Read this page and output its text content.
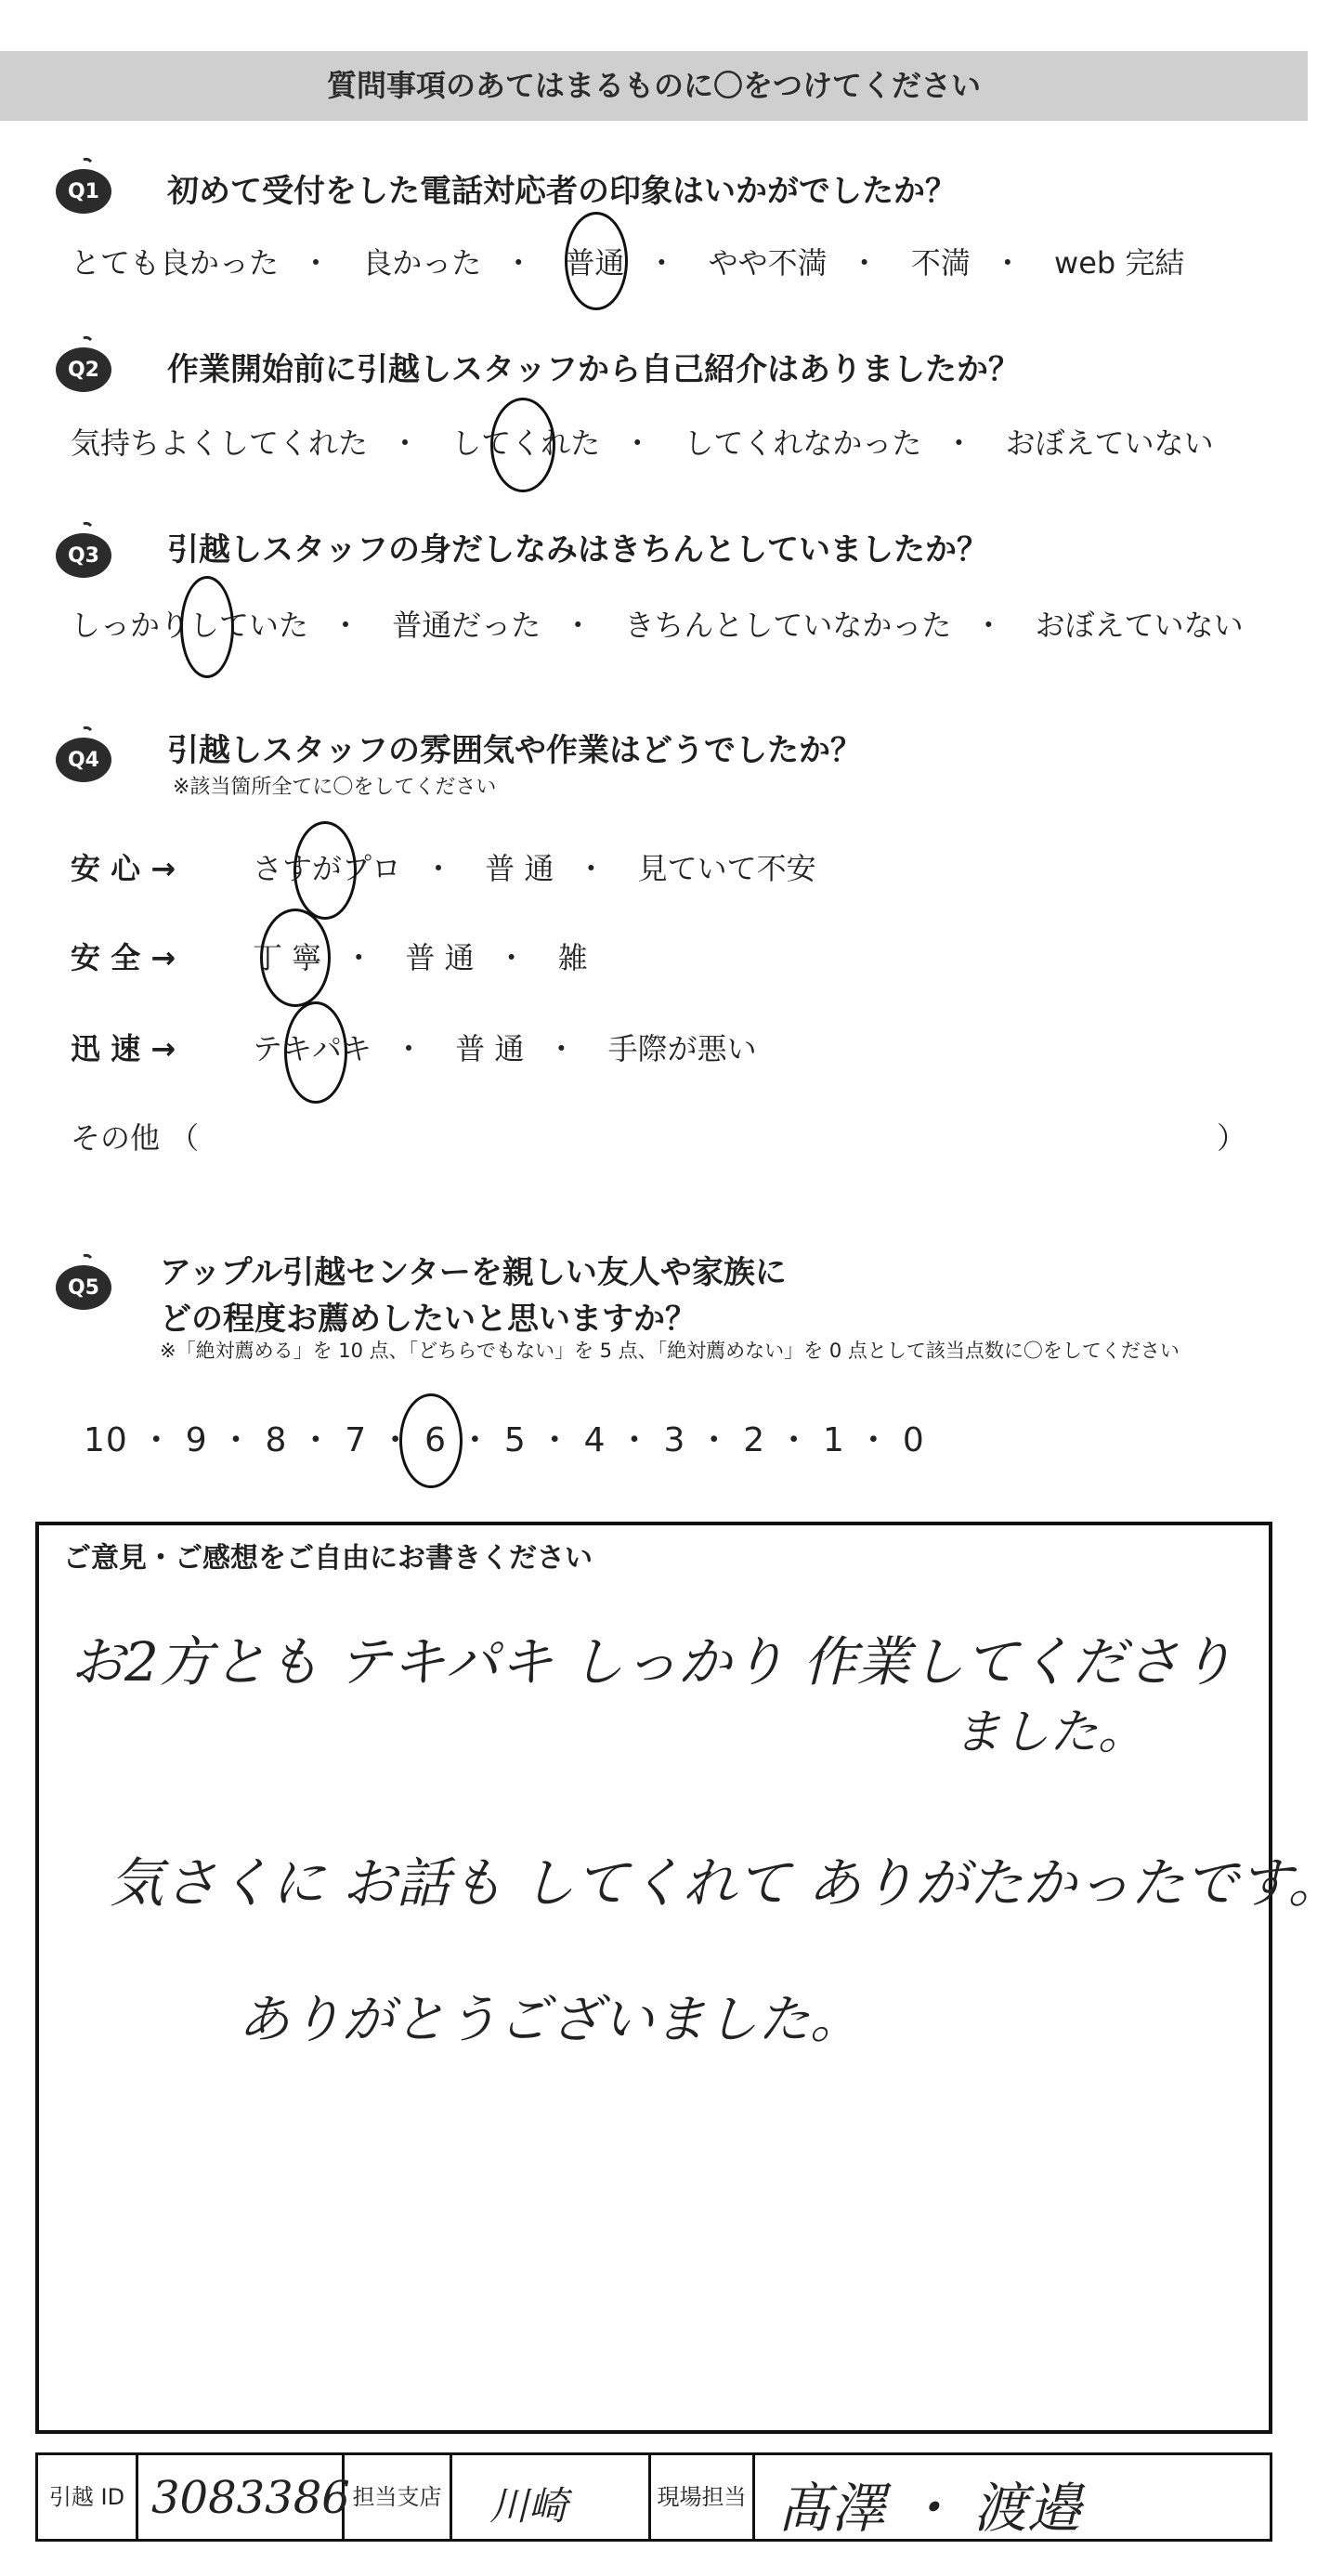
質問事項のあてはまるものに〇をつけてください
Q1	初めて受付をした電話対応者の印象はいかがでしたか？
とても良かった ・ 良かった ・ 普通 ・ やや不満 ・ 不満 ・ web 完結
Q2	作業開始前に引越しスタッフから自己紹介はありましたか？
気持ちよくしてくれた ・ してくれた ・ してくれなかった ・ おぼえていない
Q3	引越しスタッフの身だしなみはきちんとしていましたか？
しっかりしていた ・ 普通だった ・ きちんとしていなかった ・ おぼえていない
Q4	引越しスタッフの雰囲気や作業はどうでしたか？
※該当箇所全てに〇をしてください
安 心 →	さすがプロ ・ 普 通 ・ 見ていて不安
安 全 →	丁 寧 ・ 普 通 ・ 雑
迅 速 →	テキパキ ・ 普 通 ・ 手際が悪い
その他 （	）
Q5	アップル引越センターを親しい友人や家族に
どの程度お薦めしたいと思いますか？
※「絶対薦める」を 10 点、「どちらでもない」を 5 点、「絶対薦めない」を 0 点として該当点数に〇をしてください
10 ・ 9 ・ 8 ・ 7 ・ 6 ・ 5 ・ 4 ・ 3 ・ 2 ・ 1 ・ 0
ご意見・ご感想をご自由にお書きください
お2方とも テキパキ しっかり 作業してくださり
ました。
気さくに お話も してくれて ありがたかったです。
ありがとうございました。
引越 ID 3083386 担当支店 川崎	現場担当 髙澤 ・ 渡邉
